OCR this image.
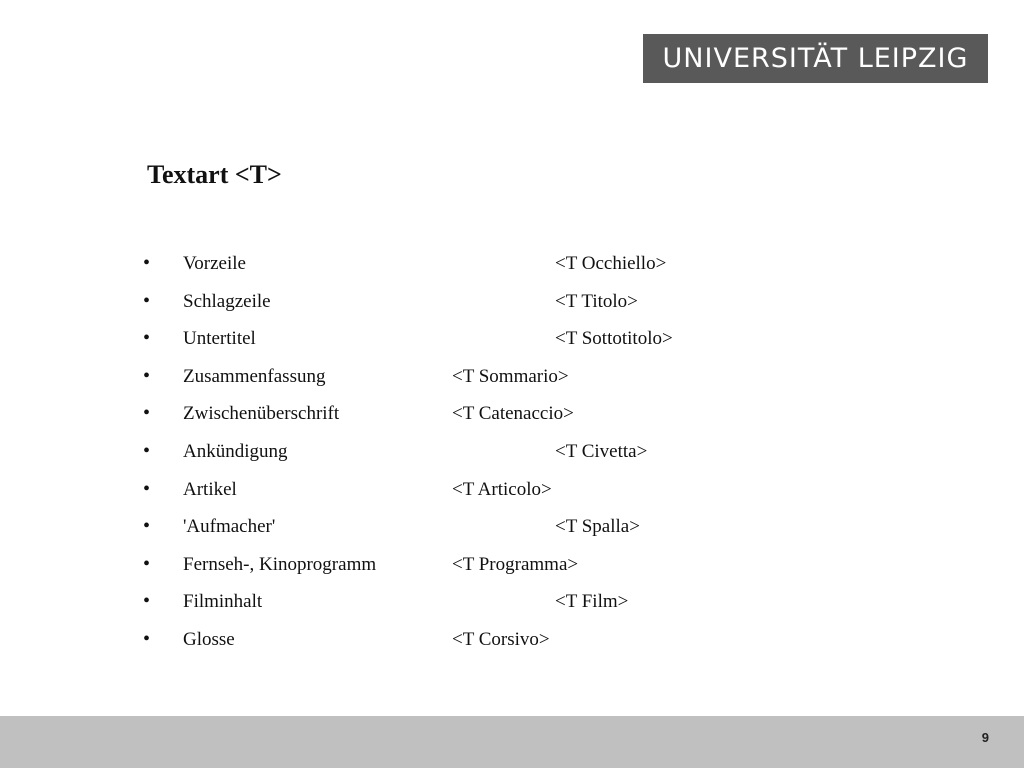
UNIVERSITÄT LEIPZIG
Textart <T>
• Vorzeile	<T Occhiello>
• Schlagzeile	<T Titolo>
• Untertitel	<T Sottotitolo>
• Zusammenfassung	<T Sommario>
• Zwischenüberschrift	<T Catenaccio>
• Ankündigung	<T Civetta>
• Artikel	<T Articolo>
• 'Aufmacher'	<T Spalla>
• Fernseh-, Kinoprogramm	<T Programma>
• Filminhalt	<T Film>
• Glosse	<T Corsivo>
9
